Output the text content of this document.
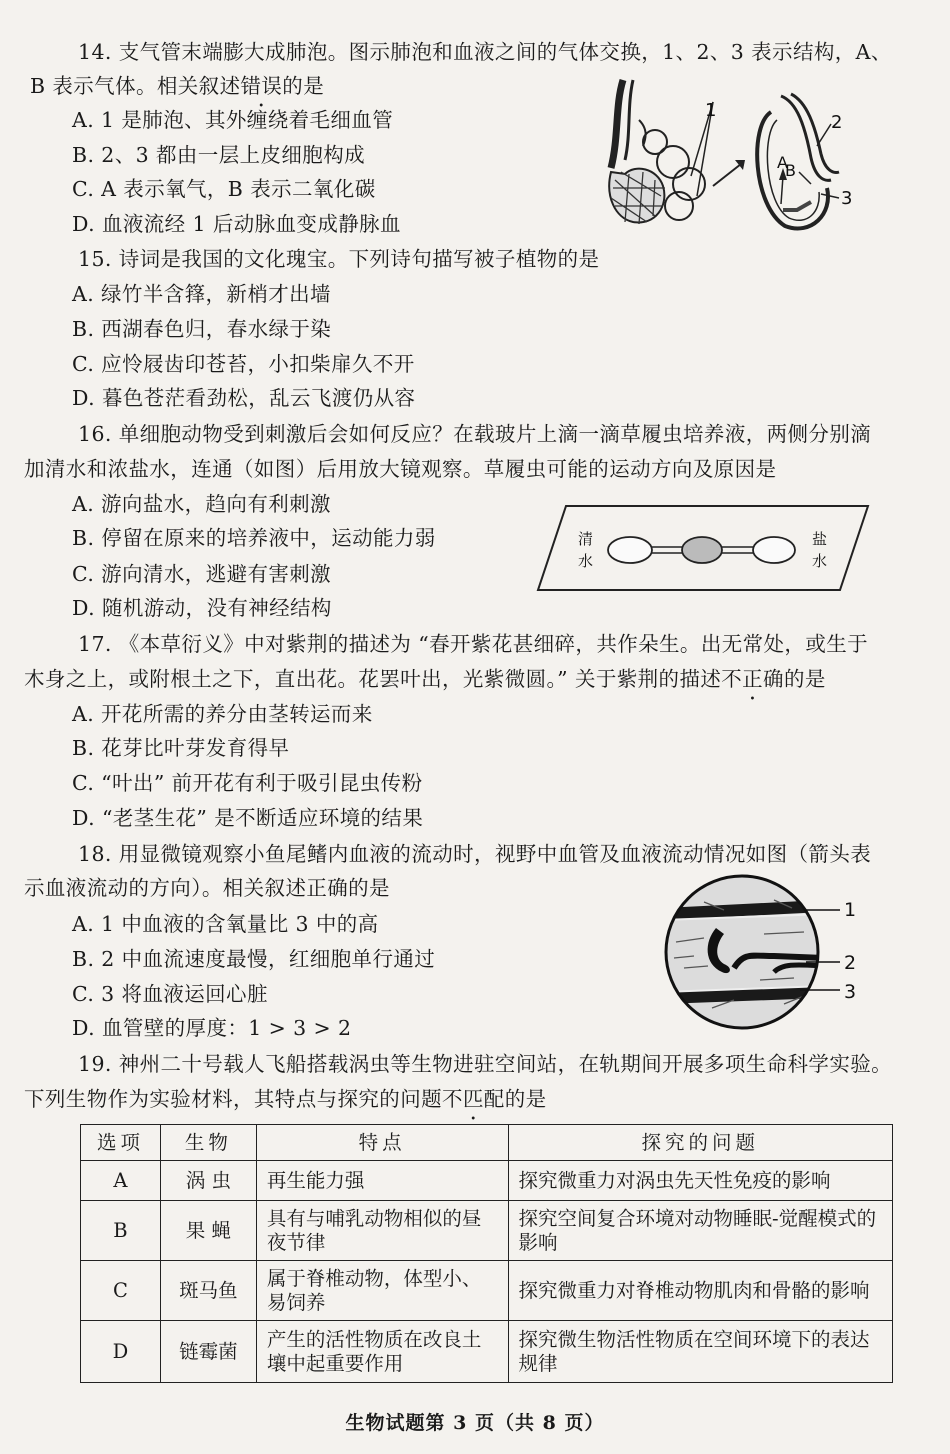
14. 支气管末端膨大成肺泡。图示肺泡和血液之间的气体交换，1、2、3 表示结构，A、
B 表示气体。相关叙述错误的是
A. 1 是肺泡、其外缠绕着毛细血管
B. 2、3 都由一层上皮细胞构成
C. A 表示氧气，B 表示二氧化碳
D. 血液流经 1 后动脉血变成静脉血
1
A
B
2
3
15. 诗词是我国的文化瑰宝。下列诗句描写被子植物的是
A. 绿竹半含箨，新梢才出墙
B. 西湖春色归，春水绿于染
C. 应怜屐齿印苍苔，小扣柴扉久不开
D. 暮色苍茫看劲松，乱云飞渡仍从容
16. 单细胞动物受到刺激后会如何反应？在载玻片上滴一滴草履虫培养液，两侧分别滴
加清水和浓盐水，连通（如图）后用放大镜观察。草履虫可能的运动方向及原因是
A. 游向盐水，趋向有利刺激
B. 停留在原来的培养液中，运动能力弱
C. 游向清水，逃避有害刺激
D. 随机游动，没有神经结构
清
水
盐
水
17. 《本草衍义》中对紫荆的描述为 “春开紫花甚细碎，共作朵生。出无常处，或生于
木身之上，或附根土之下，直出花。花罢叶出，光紫微圆。” 关于紫荆的描述不正确的是
A. 开花所需的养分由茎转运而来
B. 花芽比叶芽发育得早
C. “叶出” 前开花有利于吸引昆虫传粉
D. “老茎生花” 是不断适应环境的结果
18. 用显微镜观察小鱼尾鳍内血液的流动时，视野中血管及血液流动情况如图（箭头表
示血液流动的方向）。相关叙述正确的是
A. 1 中血液的含氧量比 3 中的高
B. 2 中血流速度最慢，红细胞单行通过
C. 3 将血液运回心脏
D. 血管壁的厚度：1 > 3 > 2
1
2
3
19. 神州二十号载人飞船搭载涡虫等生物进驻空间站，在轨期间开展多项生命科学实验。
下列生物作为实验材料，其特点与探究的问题不匹配的是
选项	生物	特点	探究的问题
A	涡 虫	再生能力强	探究微重力对涡虫先天性免疫的影响
B	果 蝇	具有与哺乳动物相似的昼夜节律	探究空间复合环境对动物睡眠-觉醒模式的影响
C	斑马鱼	属于脊椎动物，体型小、易饲养	探究微重力对脊椎动物肌肉和骨骼的影响
D	链霉菌	产生的活性物质在改良土壤中起重要作用	探究微生物活性物质在空间环境下的表达规律
生物试题第 3 页（共 8 页）
